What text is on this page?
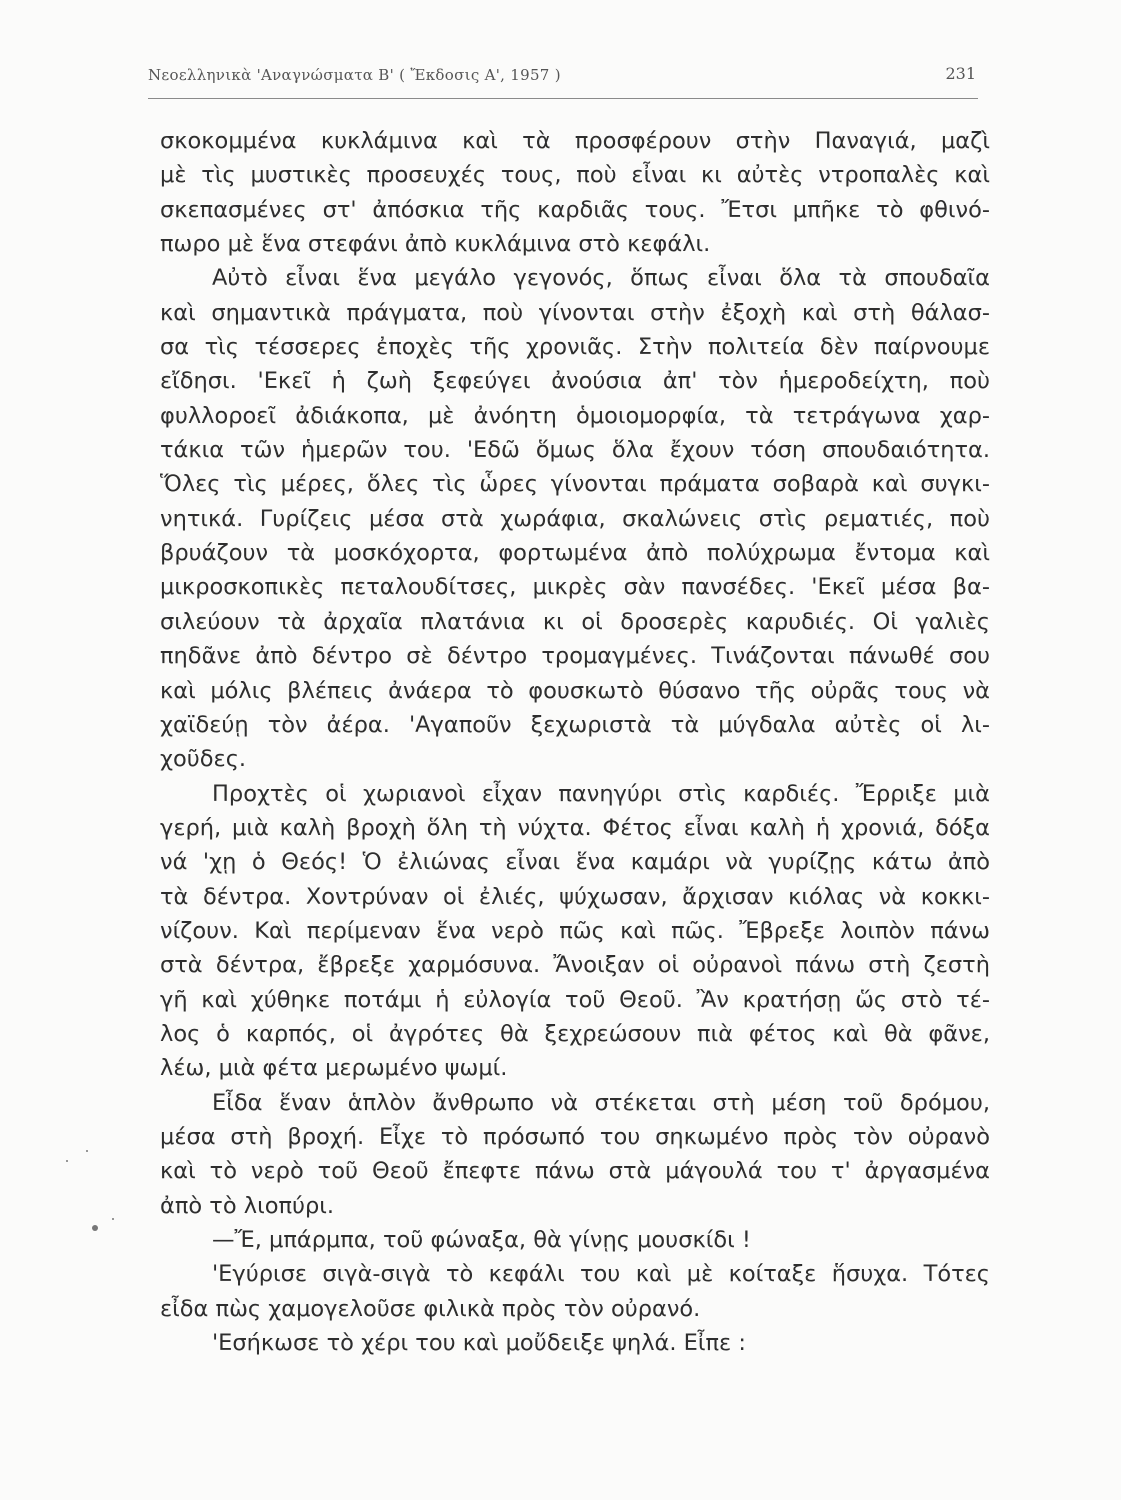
Νεοελληνικὰ 'Αναγνώσματα Β' ( Ἔκδοσις Α', 1957 )	231
σκοκομμένα κυκλάμινα καὶ τὰ προσφέρουν στὴν Παναγιά, μαζὶ
μὲ τὶς μυστικὲς προσευχές τους, ποὺ εἶναι κι αὐτὲς ντροπαλὲς καὶ
σκεπασμένες στ' ἀπόσκια τῆς καρδιᾶς τους. Ἔτσι μπῆκε τὸ φθινό-
πωρο μὲ ἕνα στεφάνι ἀπὸ κυκλάμινα στὸ κεφάλι.
Αὐτὸ εἶναι ἕνα μεγάλο γεγονός, ὅπως εἶναι ὅλα τὰ σπουδαῖα
καὶ σημαντικὰ πράγματα, ποὺ γίνονται στὴν ἐξοχὴ καὶ στὴ θάλασ-
σα τὶς τέσσερες ἐποχὲς τῆς χρονιᾶς. Στὴν πολιτεία δὲν παίρνουμε
εἴδησι. 'Εκεῖ ἡ ζωὴ ξεφεύγει ἀνούσια ἀπ' τὸν ἡμεροδείχτη, ποὺ
φυλλοροεῖ ἀδιάκοπα, μὲ ἀνόητη ὁμοιομορφία, τὰ τετράγωνα χαρ-
τάκια τῶν ἡμερῶν του. 'Εδῶ ὅμως ὅλα ἔχουν τόση σπουδαιότητα.
Ὅλες τὶς μέρες, ὅλες τὶς ὧρες γίνονται πράματα σοβαρὰ καὶ συγκι-
νητικά. Γυρίζεις μέσα στὰ χωράφια, σκαλώνεις στὶς ρεματιές, ποὺ
βρυάζουν τὰ μοσκόχορτα, φορτωμένα ἀπὸ πολύχρωμα ἔντομα καὶ
μικροσκοπικὲς πεταλουδίτσες, μικρὲς σὰν πανσέδες. 'Εκεῖ μέσα βα-
σιλεύουν τὰ ἀρχαῖα πλατάνια κι οἱ δροσερὲς καρυδιές. Οἱ γαλιὲς
πηδᾶνε ἀπὸ δέντρο σὲ δέντρο τρομαγμένες. Τινάζονται πάνωθέ σου
καὶ μόλις βλέπεις ἀνάερα τὸ φουσκωτὸ θύσανο τῆς οὐρᾶς τους νὰ
χαϊδεύῃ τὸν ἀέρα. 'Αγαποῦν ξεχωριστὰ τὰ μύγδαλα αὐτὲς οἱ λι-
χοῦδες.
Προχτὲς οἱ χωριανοὶ εἶχαν πανηγύρι στὶς καρδιές. Ἔρριξε μιὰ
γερή, μιὰ καλὴ βροχὴ ὅλη τὴ νύχτα. Φέτος εἶναι καλὴ ἡ χρονιά, δόξα
νά 'χῃ ὁ Θεός! Ὁ ἐλιώνας εἶναι ἕνα καμάρι νὰ γυρίζῃς κάτω ἀπὸ
τὰ δέντρα. Χοντρύναν οἱ ἐλιές, ψύχωσαν, ἄρχισαν κιόλας νὰ κοκκι-
νίζουν. Καὶ περίμεναν ἕνα νερὸ πῶς καὶ πῶς. Ἔβρεξε λοιπὸν πάνω
στὰ δέντρα, ἔβρεξε χαρμόσυνα. Ἄνοιξαν οἱ οὐρανοὶ πάνω στὴ ζεστὴ
γῆ καὶ χύθηκε ποτάμι ἡ εὐλογία τοῦ Θεοῦ. Ἂν κρατήσῃ ὥς στὸ τέ-
λος ὁ καρπός, οἱ ἀγρότες θὰ ξεχρεώσουν πιὰ φέτος καὶ θὰ φᾶνε,
λέω, μιὰ φέτα μερωμένο ψωμί.
Εἶδα ἕναν ἁπλὸν ἄνθρωπο νὰ στέκεται στὴ μέση τοῦ δρόμου,
μέσα στὴ βροχή. Εἶχε τὸ πρόσωπό του σηκωμένο πρὸς τὸν οὐρανὸ
καὶ τὸ νερὸ τοῦ Θεοῦ ἔπεφτε πάνω στὰ μάγουλά του τ' ἀργασμένα
ἀπὸ τὸ λιοπύρι.
—Ἔ, μπάρμπα, τοῦ φώναξα, θὰ γίνῃς μουσκίδι !
'Εγύρισε σιγὰ-σιγὰ τὸ κεφάλι του καὶ μὲ κοίταξε ἥσυχα. Τότες
εἶδα πὼς χαμογελοῦσε φιλικὰ πρὸς τὸν οὐρανό.
'Εσήκωσε τὸ χέρι του καὶ μοὔδειξε ψηλά. Εἶπε :
